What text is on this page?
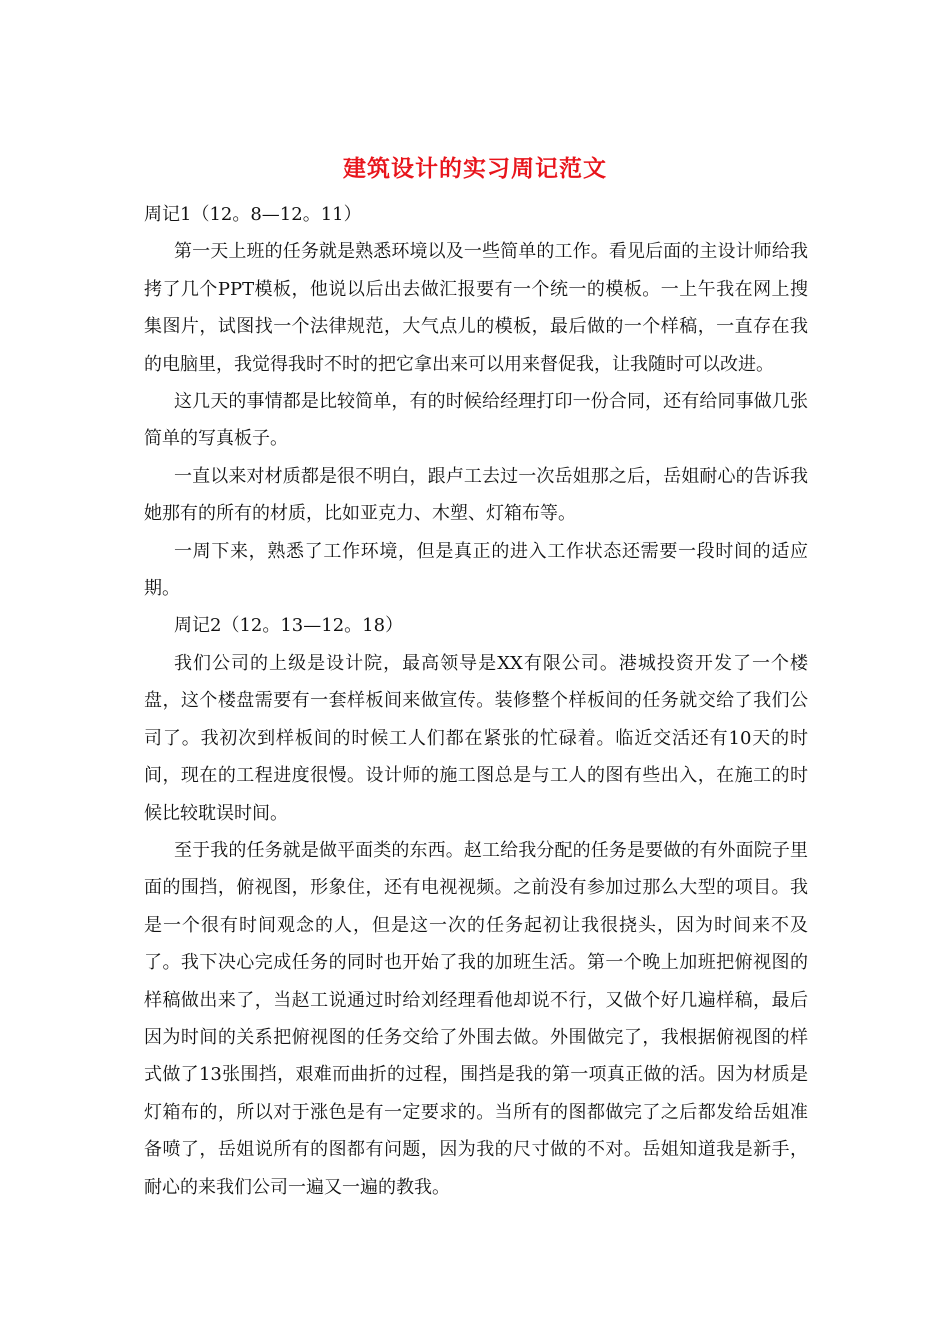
建筑设计的实习周记范文

周记1（12。8—12。11）

第一天上班的任务就是熟悉环境以及一些简单的工作。看见后面的主设计师给我拷了几个PPT模板，他说以后出去做汇报要有一个统一的模板。一上午我在网上搜集图片，试图找一个法律规范，大气点儿的模板，最后做的一个样稿，一直存在我的电脑里，我觉得我时不时的把它拿出来可以用来督促我，让我随时可以改进。

这几天的事情都是比较简单，有的时候给经理打印一份合同，还有给同事做几张简单的写真板子。

一直以来对材质都是很不明白，跟卢工去过一次岳姐那之后，岳姐耐心的告诉我她那有的所有的材质，比如亚克力、木塑、灯箱布等。

一周下来，熟悉了工作环境，但是真正的进入工作状态还需要一段时间的适应期。

周记2（12。13—12。18）

我们公司的上级是设计院，最高领导是XX有限公司。港城投资开发了一个楼盘，这个楼盘需要有一套样板间来做宣传。装修整个样板间的任务就交给了我们公司了。我初次到样板间的时候工人们都在紧张的忙碌着。临近交活还有10天的时间，现在的工程进度很慢。设计师的施工图总是与工人的图有些出入，在施工的时候比较耽误时间。

至于我的任务就是做平面类的东西。赵工给我分配的任务是要做的有外面院子里面的围挡，俯视图，形象住，还有电视视频。之前没有参加过那么大型的项目。我是一个很有时间观念的人，但是这一次的任务起初让我很挠头，因为时间来不及了。我下决心完成任务的同时也开始了我的加班生活。第一个晚上加班把俯视图的样稿做出来了，当赵工说通过时给刘经理看他却说不行，又做个好几遍样稿，最后因为时间的关系把俯视图的任务交给了外围去做。外围做完了，我根据俯视图的样式做了13张围挡，艰难而曲折的过程，围挡是我的第一项真正做的活。因为材质是灯箱布的，所以对于涨色是有一定要求的。当所有的图都做完了之后都发给岳姐准备喷了，岳姐说所有的图都有问题，因为我的尺寸做的不对。岳姐知道我是新手，耐心的来我们公司一遍又一遍的教我。
